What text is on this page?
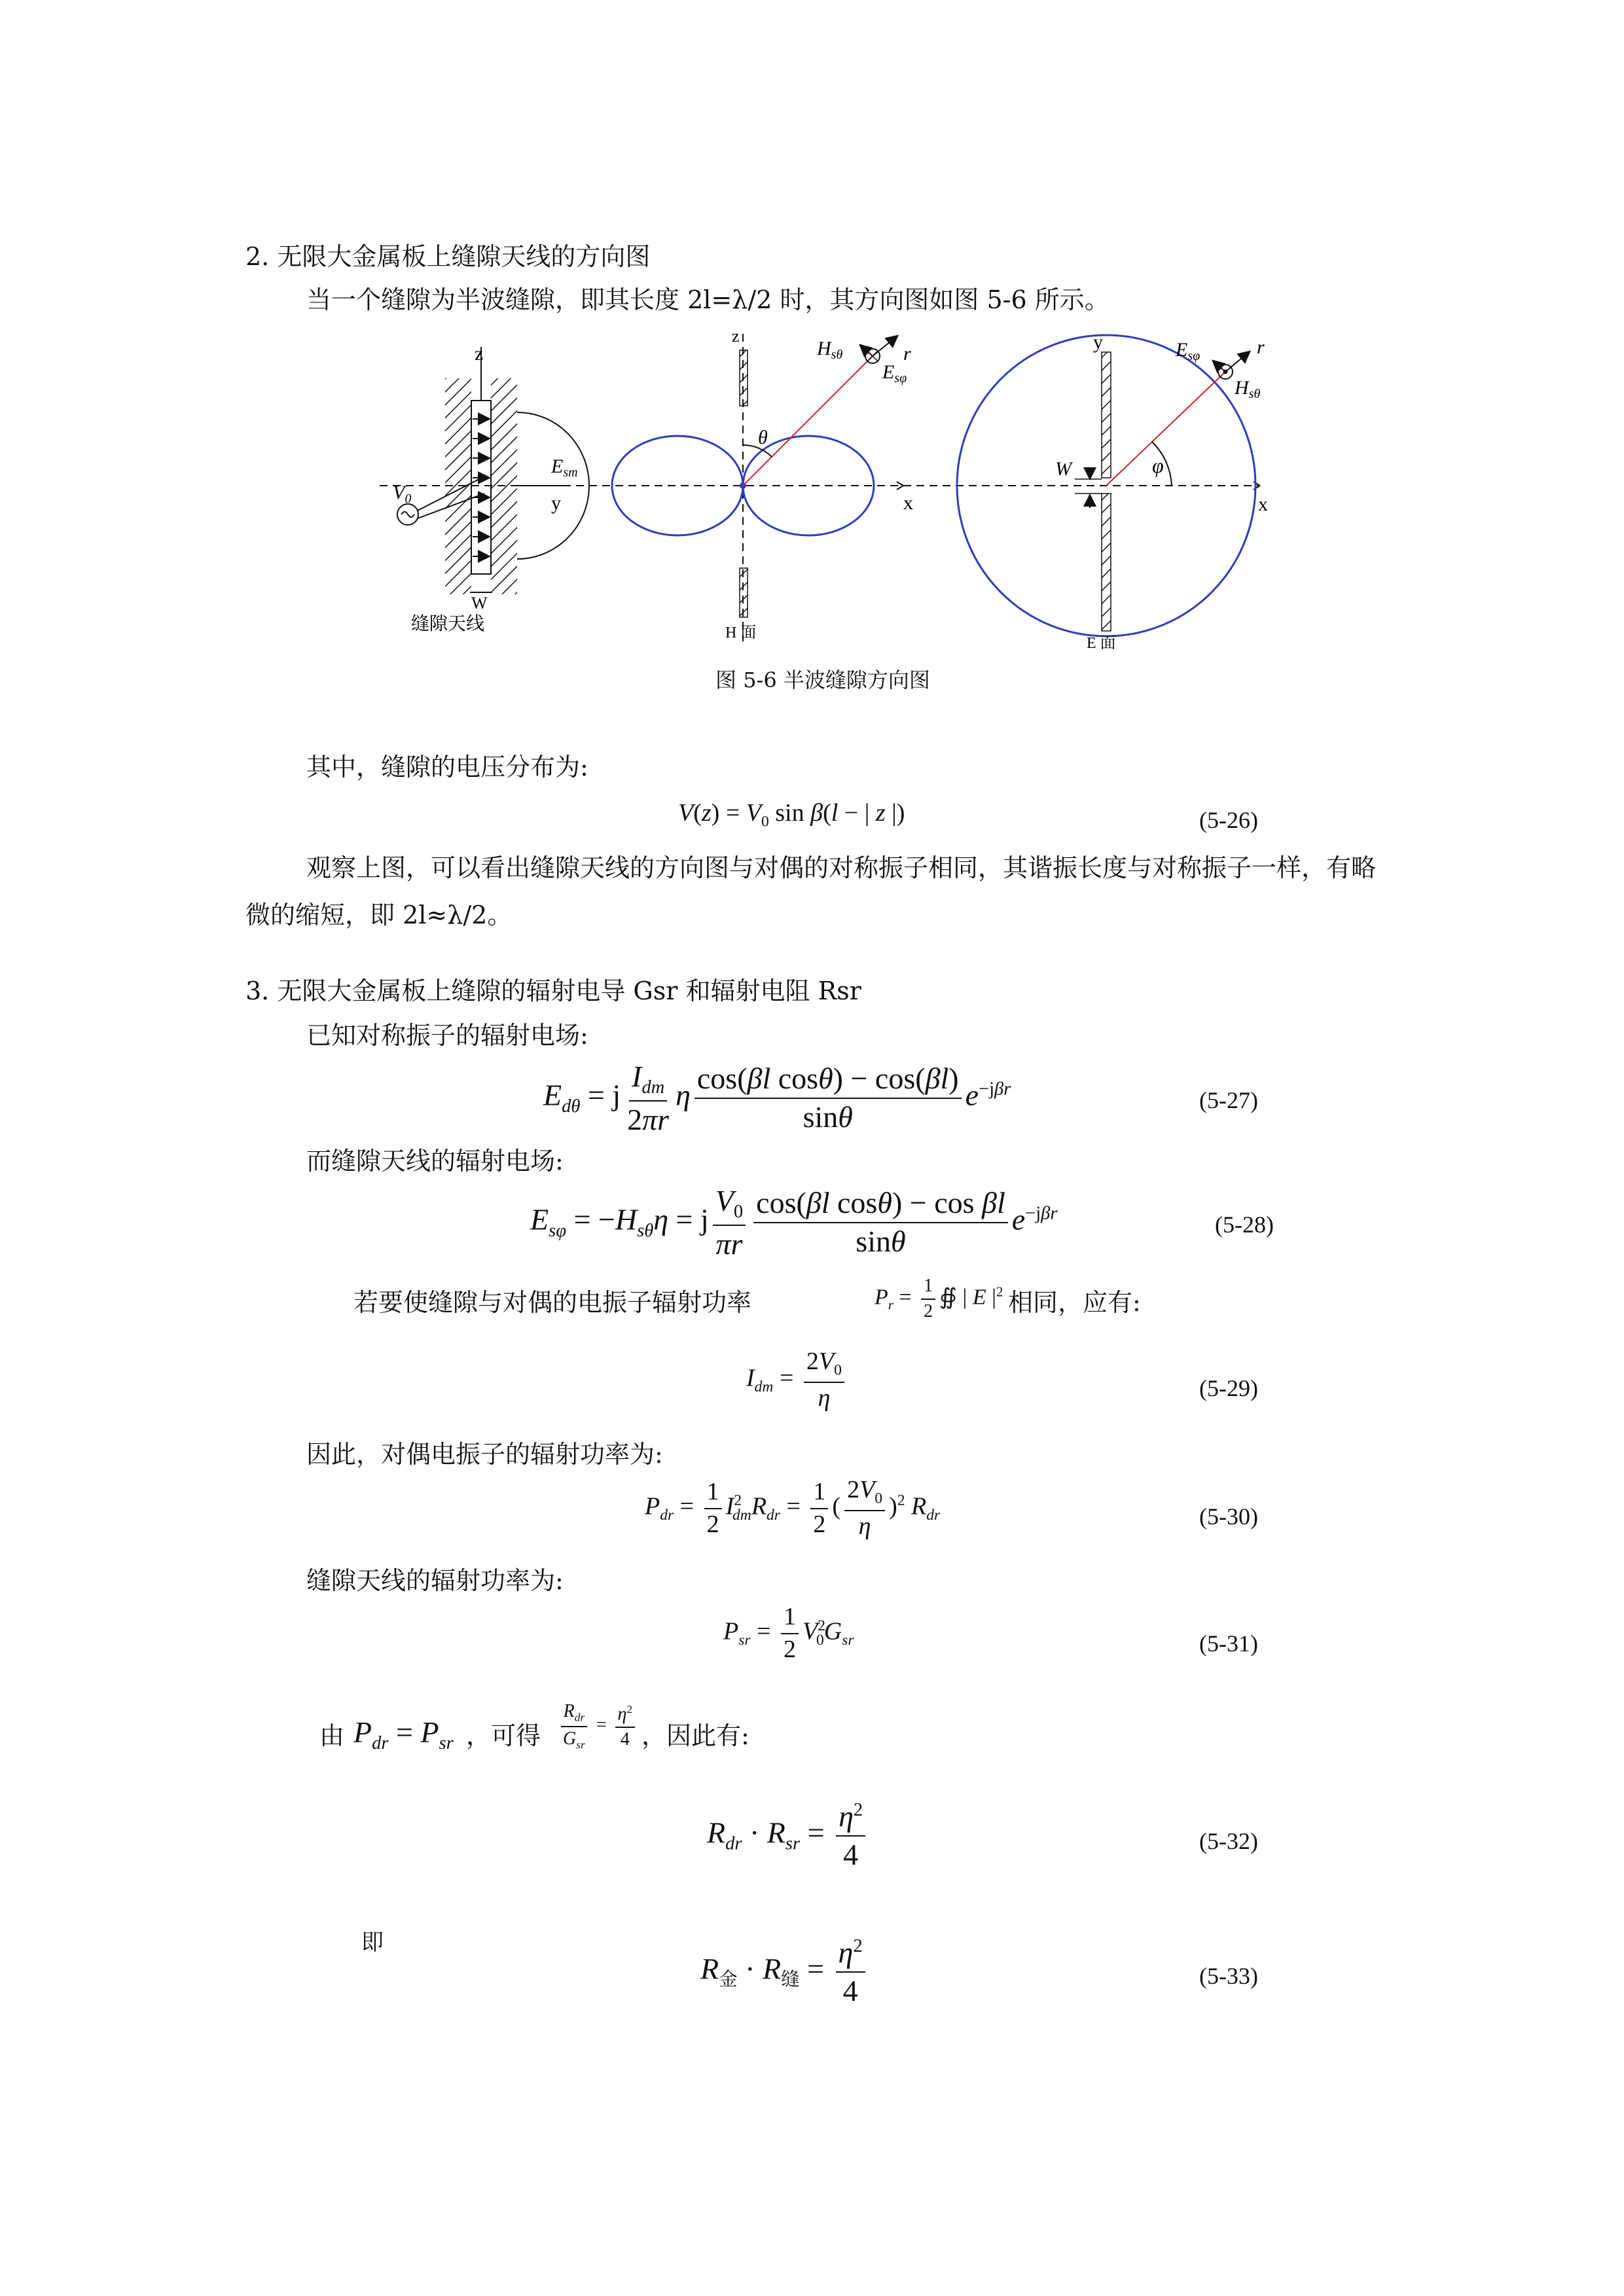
2. 无限大金属板上缝隙天线的方向图
当一个缝隙为半波缝隙，即其长度 2l=λ/2 时，其方向图如图 5-6 所示。
z
y
$V_0$
$E_{sm}$
W
缝隙天线
z
x
θ
r
$H_{s\theta}$
$E_{s\varphi}$
H 面
y
x
φ
r
W
$E_{s\varphi}$
$H_{s\theta}$
E 面
图 5-6 半波缝隙方向图
其中，缝隙的电压分布为:
$V(z) = V_0$ sin β(l − | z |)	(5-26)
观察上图，可以看出缝隙天线的方向图与对偶的对称振子相同，其谐振长度与对称振子一样，有略微的缩短，即 2l≈λ/2。
3. 无限大金属板上缝隙的辐射电导 Gsr 和辐射电阻 Rsr
已知对称振子的辐射电场:
$E_{d\theta} = j \frac{I_{dm}}{2\pi r}$ η $\frac{\text{cos(βl cosθ) − cos(βl)}}{\sin\theta} e^{-j\beta r}$	(5-27)
而缝隙天线的辐射电场:
$E_{s\varphi} = -H_{s\theta}\eta = j \frac{V_0}{\pi r} \frac{\text{cos(βl cosθ) − cos βl}}{\sin\theta} e^{-j\beta r}$	(5-28)
若要使缝隙与对偶的电振子辐射功率	$P_r = \frac{1}{2}$ ∯ | E $|^2$ 相同，应有:
$I_{dm} = \frac{2V_0}{\eta}$	(5-29)
因此，对偶电振子的辐射功率为:
$P_{dr} = \frac{1}{2} I^2_{dm}R_{dr} = \frac{1}{2}$ ( $\frac{2V_0}{\eta} )^2$ $R_{dr}$	(5-30)
缝隙天线的辐射功率为:
$P_{sr} = \frac{1}{2} V^2_0G_{sr}$	(5-31)
由 $P_{dr} = P_{sr}$ ，可得 $\frac{R_{dr}}{G_{sr}} = \frac{\eta^2}{4}$ ，因此有:
$R_{dr} \cdot R_{sr} = \frac{\eta^2}{4}$	(5-32)
即
$R_金 \cdot R_缝 = \frac{\eta^2}{4}$	(5-33)
